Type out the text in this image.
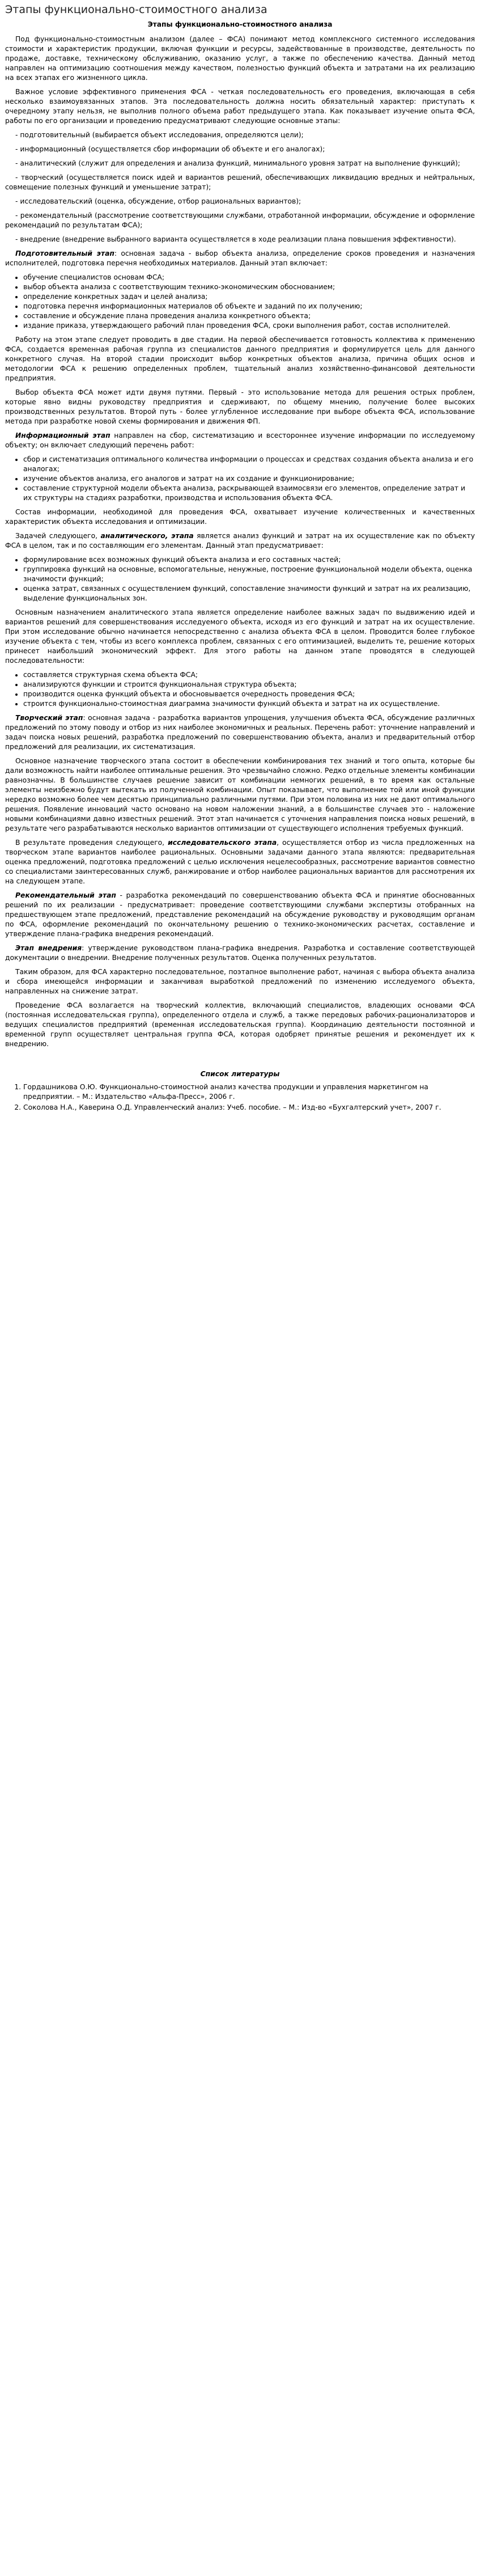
Этапы функционально-стоимостного анализа
Этапы функционально-стоимостного анализа

Под функционально-стоимостным анализом (далее – ФСА) понимают метод комплексного системного исследования стоимости и характеристик продукции, включая функции и ресурсы, задействованные в производстве, деятельность по продаже, доставке, техническому обслуживанию, оказанию услуг, а также по обеспечению качества. Данный метод направлен на оптимизацию соотношения между качеством, полезностью функций объекта и затратами на их реализацию на всех этапах его жизненного цикла.

Важное условие эффективного применения ФСА - четкая последовательность его проведения, включающая в себя несколько взаимоувязанных этапов. Эта последовательность должна носить обязательный характер: приступать к очередному этапу нельзя, не выполнив полного объема работ предыдущего этапа. Как показывает изучение опыта ФСА, работы по его организации и проведению предусматривают следующие основные этапы:

- подготовительный (выбирается объект исследования, определяются цели);

- информационный (осуществляется сбор информации об объекте и его аналогах);

- аналитический (служит для определения и анализа функций, минимального уровня затрат на выполнение функций);

- творческий (осуществляется поиск идей и вариантов решений, обеспечивающих ликвидацию вредных и нейтральных, совмещение полезных функций и уменьшение затрат);

- исследовательский (оценка, обсуждение, отбор рациональных вариантов);

- рекомендательный (рассмотрение соответствующими службами, отработанной информации, обсуждение и оформление рекомендаций по результатам ФСА);

- внедрение (внедрение выбранного варианта осуществляется в ходе реализации плана повышения эффективности).

Подготовительный этап: основная задача - выбор объекта анализа, определение сроков проведения и назначения исполнителей, подготовка перечня необходимых материалов. Данный этап включает:

• обучение специалистов основам ФСА;
• выбор объекта анализа с соответствующим технико-экономическим обоснованием;
• определение конкретных задач и целей анализа;
• подготовка перечня информационных материалов об объекте и заданий по их получению;
• составление и обсуждение плана проведения анализа конкретного объекта;
• издание приказа, утверждающего рабочий план проведения ФСА, сроки выполнения работ, состав исполнителей.

Работу на этом этапе следует проводить в две стадии. На первой обеспечивается готовность коллектива к применению ФСА, создается временная рабочая группа из специалистов данного предприятия и формулируется цель для данного конкретного случая. На второй стадии происходит выбор конкретных объектов анализа, причина общих основ и методологии ФСА к решению определенных проблем, тщательный анализ хозяйственно-финансовой деятельности предприятия.

Выбор объекта ФСА может идти двумя путями. Первый - это использование метода для решения острых проблем, которые явно видны руководству предприятия и сдерживают, по общему мнению, получение более высоких производственных результатов. Второй путь - более углубленное исследование при выборе объекта ФСА, использование метода при разработке новой схемы формирования и движения ФП.

Информационный этап направлен на сбор, систематизацию и всестороннее изучение информации по исследуемому объекту; он включает следующий перечень работ:

• сбор и систематизация оптимального количества информации о процессах и средствах создания объекта анализа и его аналогах;
• изучение объектов анализа, его аналогов и затрат на их создание и функционирование;
• составление структурной модели объекта анализа, раскрывающей взаимосвязи его элементов, определение затрат и их структуры на стадиях разработки, производства и использования объекта ФСА.

Состав информации, необходимой для проведения ФСА, охватывает изучение количественных и качественных характеристик объекта исследования и оптимизации.

Задачей следующего, аналитического, этапа является анализ функций и затрат на их осуществление как по объекту ФСА в целом, так и по составляющим его элементам. Данный этап предусматривает:

• формулирование всех возможных функций объекта анализа и его составных частей;
• группировка функций на основные, вспомогательные, ненужные, построение функциональной модели объекта, оценка значимости функций;
• оценка затрат, связанных с осуществлением функций, сопоставление значимости функций и затрат на их реализацию, выделение функциональных зон.

Основным назначением аналитического этапа является определение наиболее важных задач по выдвижению идей и вариантов решений для совершенствования исследуемого объекта, исходя из его функций и затрат на их осуществление. При этом исследование обычно начинается непосредственно с анализа объекта ФСА в целом. Проводится более глубокое изучение объекта с тем, чтобы из всего комплекса проблем, связанных с его оптимизацией, выделить те, решение которых принесет наибольший экономический эффект. Для этого работы на данном этапе проводятся в следующей последовательности:

• составляется структурная схема объекта ФСА;
• анализируются функции и строится функциональная структура объекта;
• производится оценка функций объекта и обосновывается очередность проведения ФСА;
• строится функционально-стоимостная диаграмма значимости функций объекта и затрат на их осуществление.

Творческий этап: основная задача - разработка вариантов упрощения, улучшения объекта ФСА, обсуждение различных предложений по этому поводу и отбор из них наиболее экономичных и реальных. Перечень работ: уточнение направлений и задач поиска новых решений, разработка предложений по совершенствованию объекта, анализ и предварительный отбор предложений для реализации, их систематизация.

Основное назначение творческого этапа состоит в обеспечении комбинирования тех знаний и того опыта, которые бы дали возможность найти наиболее оптимальные решения. Это чрезвычайно сложно. Редко отдельные элементы комбинации равнозначны. В большинстве случаев решение зависит от комбинации немногих решений, в то время как остальные элементы неизбежно будут вытекать из полученной комбинации. Опыт показывает, что выполнение той или иной функции нередко возможно более чем десятью принципиально различными путями. При этом половина из них не дают оптимального решения. Появление инноваций часто основано на новом наложении знаний, а в большинстве случаев это - наложение новыми комбинациями давно известных решений. Этот этап начинается с уточнения направления поиска новых решений, в результате чего разрабатываются несколько вариантов оптимизации от существующего исполнения требуемых функций.

В результате проведения следующего, исследовательского этапа, осуществляется отбор из числа предложенных на творческом этапе вариантов наиболее рациональных. Основными задачами данного этапа являются: предварительная оценка предложений, подготовка предложений с целью исключения нецелесообразных, рассмотрение вариантов совместно со специалистами заинтересованных служб, ранжирование и отбор наиболее рациональных вариантов для рассмотрения их на следующем этапе.

Рекомендательный этап - разработка рекомендаций по совершенствованию объекта ФСА и принятие обоснованных решений по их реализации - предусматривает: проведение соответствующими службами экспертизы отобранных на предшествующем этапе предложений, представление рекомендаций на обсуждение руководству и руководящим органам по ФСА, оформление рекомендаций по окончательному решению о технико-экономических расчетах, составление и утверждение плана-графика внедрения рекомендаций.

Этап внедрения: утверждение руководством плана-графика внедрения. Разработка и составление соответствующей документации о внедрении. Внедрение полученных результатов. Оценка полученных результатов.

Таким образом, для ФСА характерно последовательное, поэтапное выполнение работ, начиная с выбора объекта анализа и сбора имеющейся информации и заканчивая выработкой предложений по изменению исследуемого объекта, направленных на снижение затрат.

Проведение ФСА возлагается на творческий коллектив, включающий специалистов, владеющих основами ФСА (постоянная исследовательская группа), определенного отдела и служб, а также передовых рабочих-рационализаторов и ведущих специалистов предприятий (временная исследовательская группа). Координацию деятельности постоянной и временной групп осуществляет центральная группа ФСА, которая одобряет принятые решения и рекомендует их к внедрению.

Список литературы

1. Гордашникова О.Ю. Функционально-стоимостной анализ качества продукции и управления маркетингом на предприятии. – М.: Издательство «Альфа-Пресс», 2006 г.
2. Соколова Н.А., Каверина О.Д. Управленческий анализ: Учеб. пособие. – М.: Изд-во «Бухгалтерский учет», 2007 г.
